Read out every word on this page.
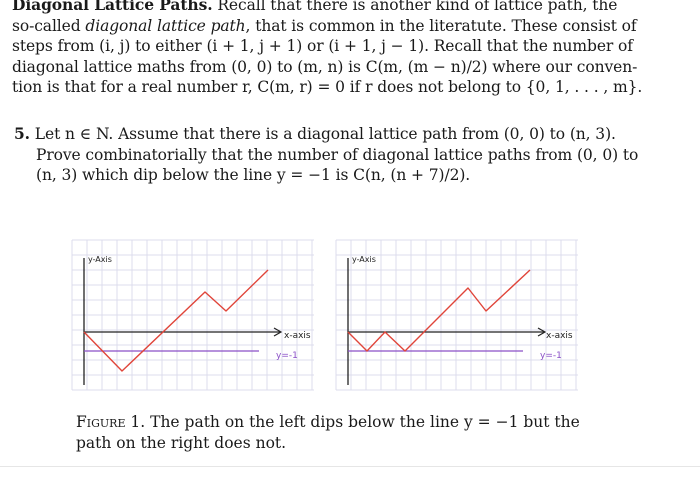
Diagonal Lattice Paths. Recall that there is another kind of lattice path, the
so-called diagonal lattice path, that is common in the literatute. These consist of
steps from (i, j) to either (i + 1, j + 1) or (i + 1, j − 1). Recall that the number of
diagonal lattice maths from (0, 0) to (m, n) is C(m, (m − n)/2) where our conven-
tion is that for a real number r, C(m, r) = 0 if r does not belong to {0, 1, . . . , m}.
5. Let n ∈ N. Assume that there is a diagonal lattice path from (0, 0) to (n, 3).
Prove combinatorially that the number of diagonal lattice paths from (0, 0) to
(n, 3) which dip below the line y = −1 is C(n, (n + 7)/2).
y-Axis
x-axis
y=-1
y-Axis
x-axis
y=-1
Figure 1. The path on the left dips below the line y = −1 but the path on the right does not.
